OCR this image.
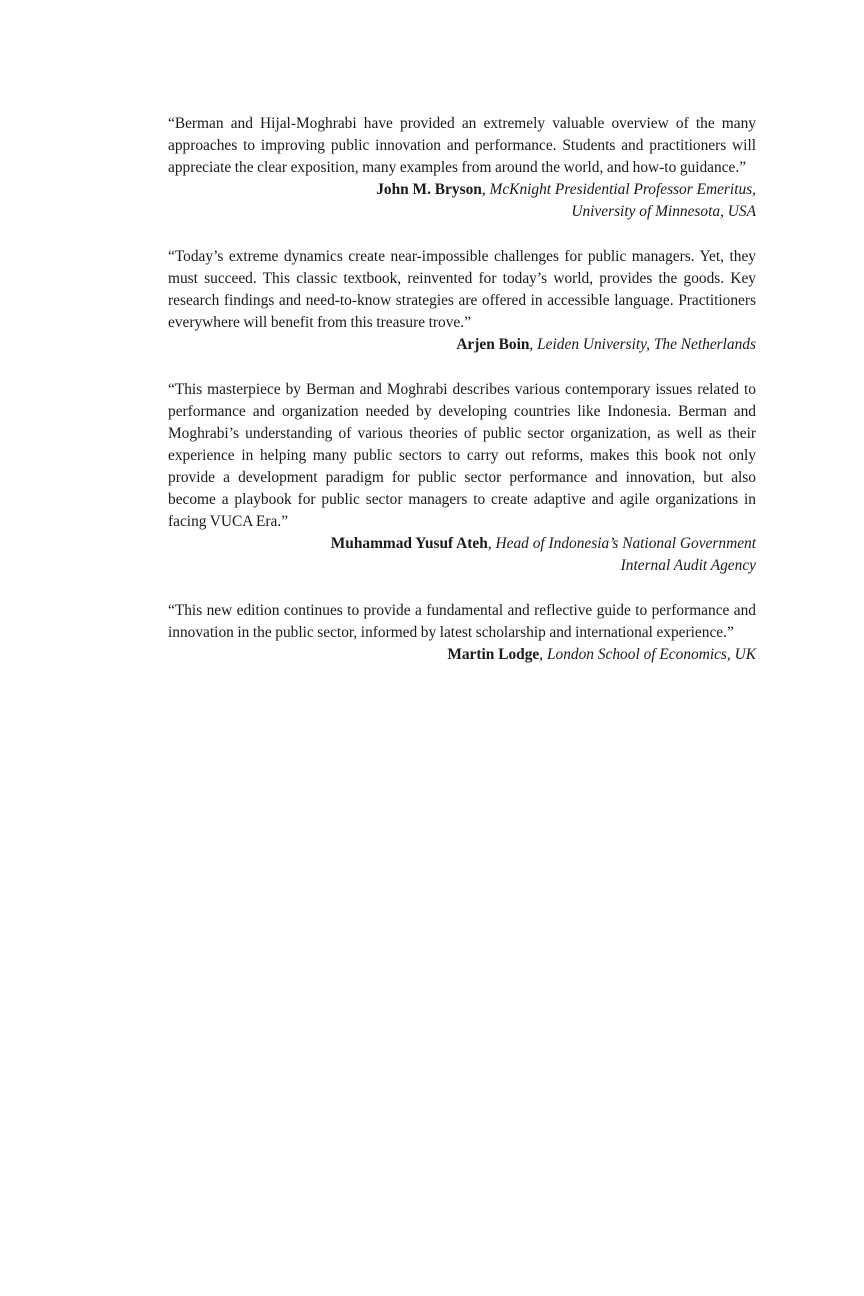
“Berman and Hijal-Moghrabi have provided an extremely valuable overview of the many approaches to improving public innovation and performance. Students and practitioners will appreciate the clear exposition, many examples from around the world, and how-to guidance.”

John M. Bryson, McKnight Presidential Professor Emeritus,
University of Minnesota, USA

“Today’s extreme dynamics create near-impossible challenges for public managers. Yet, they must succeed. This classic textbook, reinvented for today’s world, provides the goods. Key research findings and need-to-know strategies are offered in accessible language. Practitioners everywhere will benefit from this treasure trove.”

Arjen Boin, Leiden University, The Netherlands

“This masterpiece by Berman and Moghrabi describes various contemporary issues related to performance and organization needed by developing countries like Indonesia. Berman and Moghrabi’s understanding of various theories of public sector organization, as well as their experience in helping many public sectors to carry out reforms, makes this book not only provide a development paradigm for public sector performance and innovation, but also become a playbook for public sector managers to create adaptive and agile organizations in facing VUCA Era.”

Muhammad Yusuf Ateh, Head of Indonesia’s National Government
Internal Audit Agency

“This new edition continues to provide a fundamental and reflective guide to performance and innovation in the public sector, informed by latest scholarship and international experience.”

Martin Lodge, London School of Economics, UK
